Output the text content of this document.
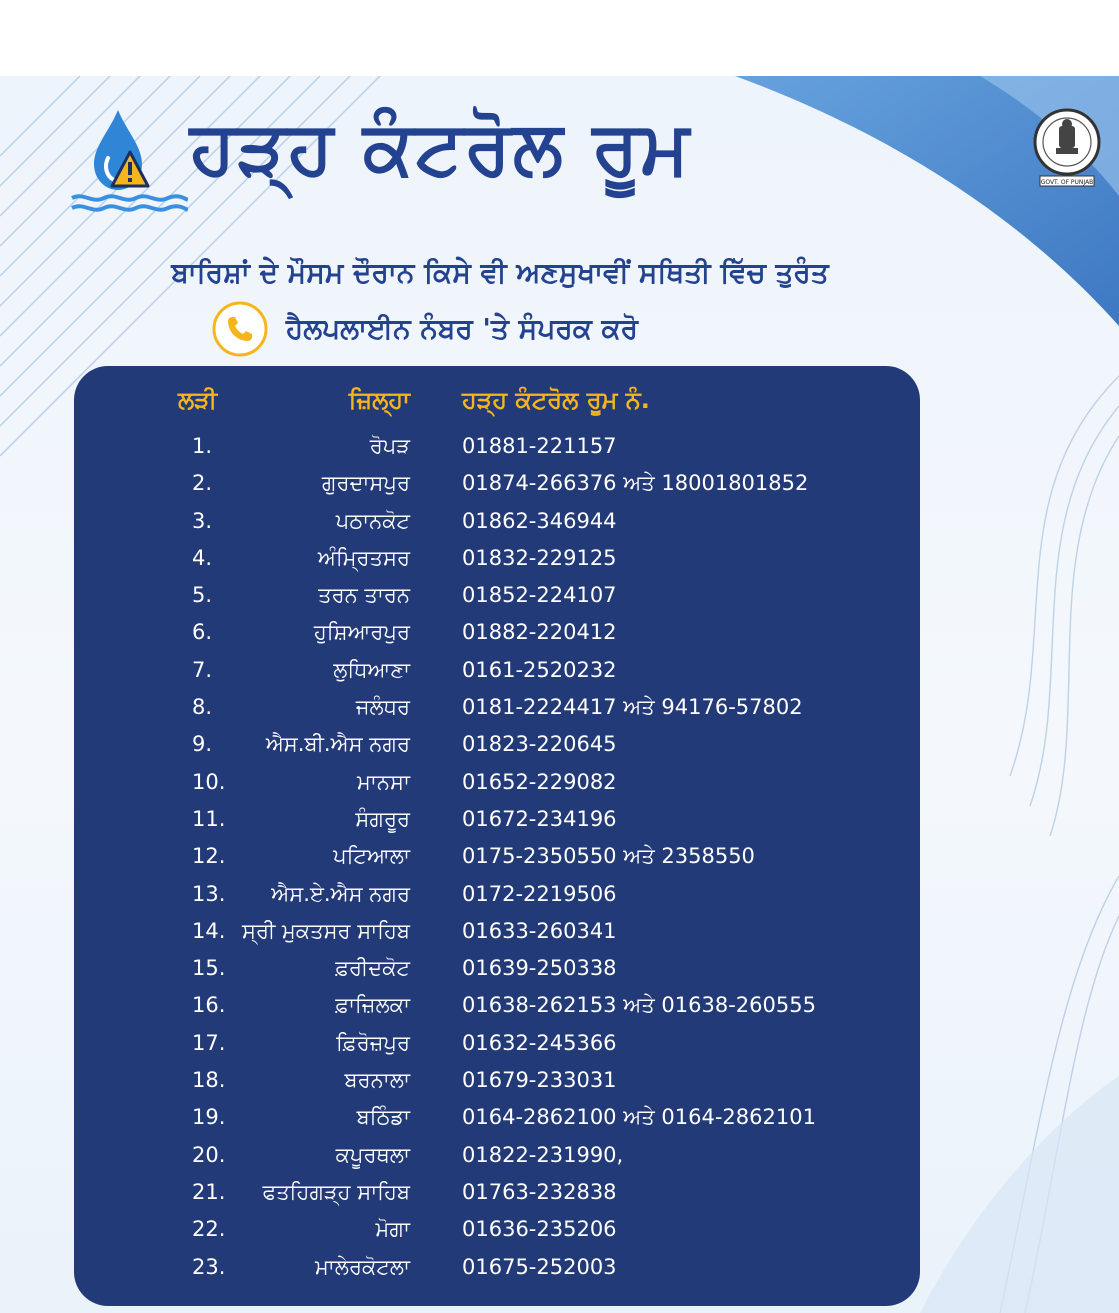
ਹੜ੍ਹ ਕੰਟਰੋਲ ਰੂਮ	GOVT. OF PUNJAB

ਬਾਰਿਸ਼ਾਂ ਦੇ ਮੌਸਮ ਦੌਰਾਨ ਕਿਸੇ ਵੀ ਅਣਸੁਖਾਵੀਂ ਸਥਿਤੀ ਵਿੱਚ ਤੁਰੰਤ

ਹੈਲਪਲਾਈਨ ਨੰਬਰ 'ਤੇ ਸੰਪਰਕ ਕਰੋ
ਲੜੀ	ਜ਼ਿਲ੍ਹਾ ਹੜ੍ਹ ਕੰਟਰੋਲ ਰੂਮ ਨੰ.
1.	ਰੋਪੜ 01881-221157
2.	ਗੁਰਦਾਸਪੁਰ 01874-266376 ਅਤੇ 18001801852
3.	ਪਠਾਨਕੋਟ 01862-346944
4.	ਅੰਮ੍ਰਿਤਸਰ 01832-229125
5.	ਤਰਨ ਤਾਰਨ 01852-224107
6.	ਹੁਸ਼ਿਆਰਪੁਰ 01882-220412
7.	ਲੁਧਿਆਣਾ 0161-2520232
8.	ਜਲੰਧਰ 0181-2224417 ਅਤੇ 94176-57802
9.	ਐਸ.ਬੀ.ਐਸ ਨਗਰ 01823-220645
10.	ਮਾਨਸਾ 01652-229082
11.	ਸੰਗਰੂਰ 01672-234196
12.	ਪਟਿਆਲਾ 0175-2350550 ਅਤੇ 2358550
13. ਐਸ.ਏ.ਐਸ ਨਗਰ 0172-2219506
14. ਸ੍ਰੀ ਮੁਕਤਸਰ ਸਾਹਿਬ 01633-260341
15.	ਫ਼ਰੀਦਕੋਟ 01639-250338
16.	ਫ਼ਾਜ਼ਿਲਕਾ 01638-262153 ਅਤੇ 01638-260555
17.	ਫ਼ਿਰੋਜ਼ਪੁਰ 01632-245366
18.	ਬਰਨਾਲਾ 01679-233031
19.	ਬਠਿੰਡਾ 0164-2862100 ਅਤੇ 0164-2862101
20.	ਕਪੂਰਥਲਾ 01822-231990,
21. ਫਤਹਿਗੜ੍ਹ ਸਾਹਿਬ 01763-232838
22.	ਮੋਗਾ 01636-235206
23.	ਮਾਲੇਰਕੋਟਲਾ 01675-252003
